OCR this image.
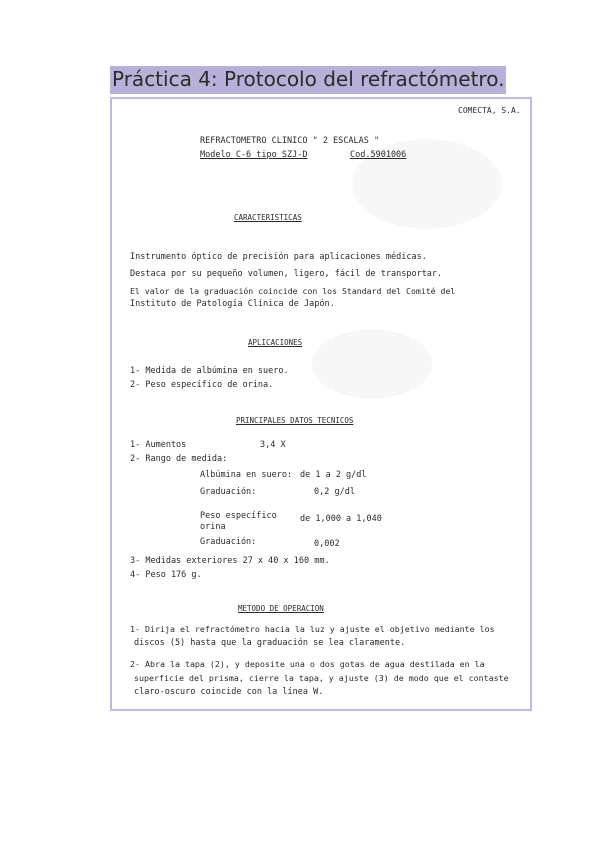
Práctica 4: Protocolo del refractómetro.
COMECTA, S.A.
REFRACTOMETRO CLINICO " 2 ESCALAS "
Modelo C-6 tipo SZJ-D	Cod.5901006
CARACTERISTICAS
Instrumento óptico de precisión para aplicaciones médicas.
Destaca por su pequeño volumen, ligero, fácil de transportar.
El valor de la graduación coincide con los Standard del Comité del
Instituto de Patología Clínica de Japón.
APLICACIONES
1- Medida de albúmina en suero.
2- Peso específico de orina.
PRINCIPALES DATOS TECNICOS
1- Aumentos	3,4 X
2- Rango de medida:
Albúmina en suero: de 1 a 2 g/dl
Graduación:	0,2 g/dl
Peso específico
orina
de 1,000 a 1,040
Graduación:	0,002
3- Medidas exteriores 27 x 40 x 160 mm.
4- Peso 176 g.
METODO DE OPERACION
1- Dirija el refractómetro hacia la luz y ajuste el objetivo mediante los
discos (5) hasta que la graduación se lea claramente.
2- Abra la tapa (2), y deposite una o dos gotas de agua destilada en la
superficie del prisma, cierre la tapa, y ajuste (3) de modo que el contaste
claro-oscuro coincide con la línea W.
